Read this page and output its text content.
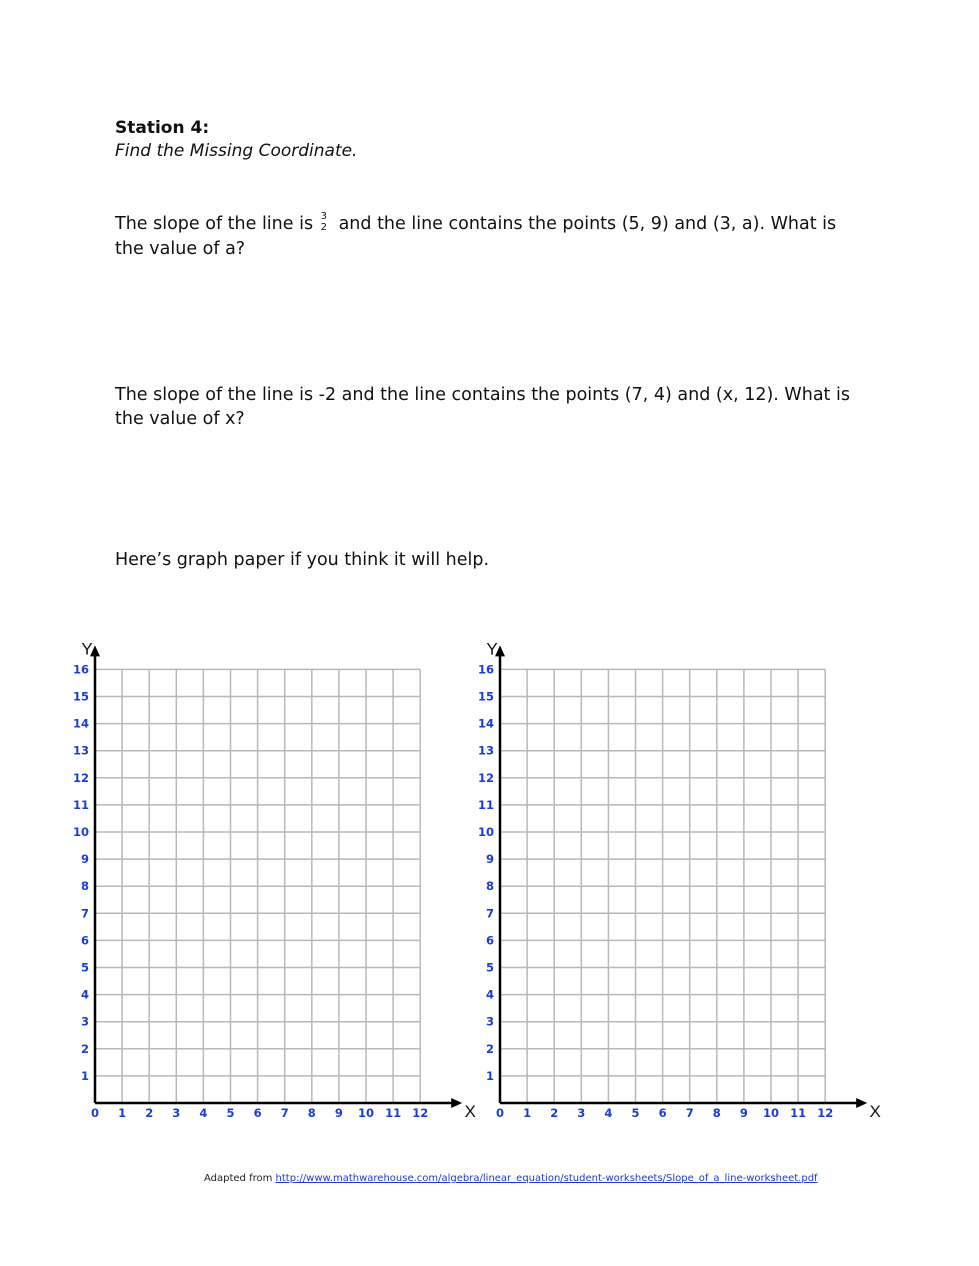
Station 4:
Find the Missing Coordinate.
The slope of the line is 3
2 and the line contains the points (5, 9) and (3, a). What is the value of a?
The slope of the line is -2 and the line contains the points (7, 4) and (x, 12). What is the value of x?
Here’s graph paper if you think it will help.
X
Y
0 1 2 3 4 5 6 7 8 9 10 11 12
1
2
3
4
5
6
7
8
9
10
11
12
13
14
15
16
X
Y
0 1 2 3 4 5 6 7 8 9 10 11 12
1
2
3
4
5
6
7
8
9
10
11
12
13
14
15
16
Adapted from http://www.mathwarehouse.com/algebra/linear_equation/student-worksheets/Slope_of_a_line-worksheet.pdf
